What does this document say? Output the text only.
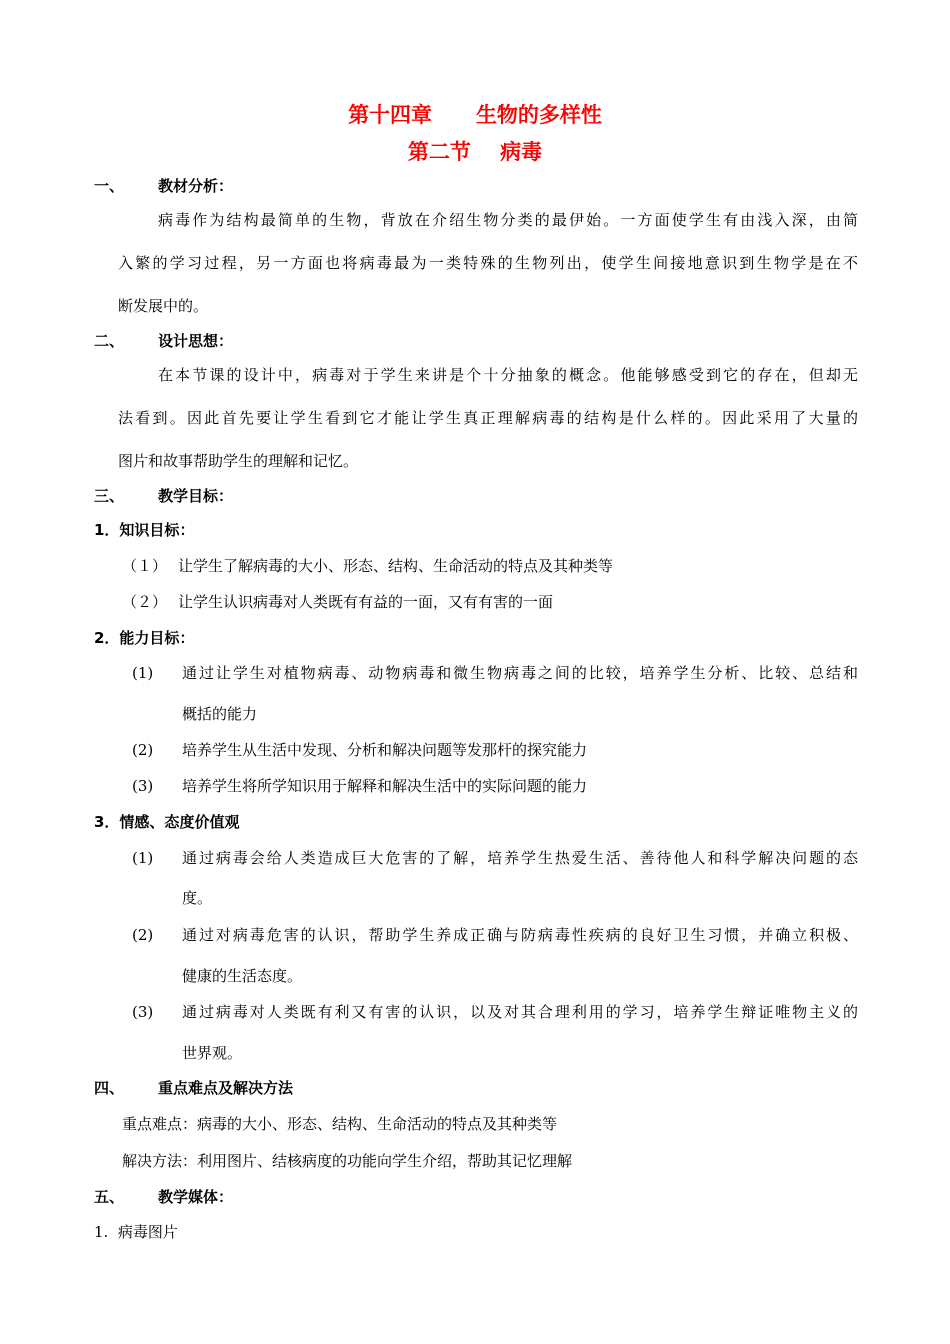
第十四章 生物的多样性
第二节 病毒
一、 教材分析：
病毒作为结构最简单的生物，背放在介绍生物分类的最伊始。一方面使学生有由浅入深，由简
入繁的学习过程，另一方面也将病毒最为一类特殊的生物列出，使学生间接地意识到生物学是在不
断发展中的。
二、 设计思想：
在本节课的设计中，病毒对于学生来讲是个十分抽象的概念。他能够感受到它的存在，但却无
法看到。因此首先要让学生看到它才能让学生真正理解病毒的结构是什么样的。因此采用了大量的
图片和故事帮助学生的理解和记忆。
三、 教学目标：
1．知识目标：
（１） 让学生了解病毒的大小、形态、结构、生命活动的特点及其种类等
（２） 让学生认识病毒对人类既有有益的一面，又有有害的一面
2．能力目标：
(1) 通过让学生对植物病毒、动物病毒和微生物病毒之间的比较，培养学生分析、比较、总结和
概括的能力
(2) 培养学生从生活中发现、分析和解决问题等发那杆的探究能力
(3) 培养学生将所学知识用于解释和解决生活中的实际问题的能力
3．情感、态度价值观
(1) 通过病毒会给人类造成巨大危害的了解，培养学生热爱生活、善待他人和科学解决问题的态
度。
(2) 通过对病毒危害的认识，帮助学生养成正确与防病毒性疾病的良好卫生习惯，并确立积极、
健康的生活态度。
(3) 通过病毒对人类既有利又有害的认识，以及对其合理利用的学习，培养学生辩证唯物主义的
世界观。
四、 重点难点及解决方法
重点难点：病毒的大小、形态、结构、生命活动的特点及其种类等
解决方法：利用图片、结核病度的功能向学生介绍，帮助其记忆理解
五、 教学媒体：
1.  病毒图片
